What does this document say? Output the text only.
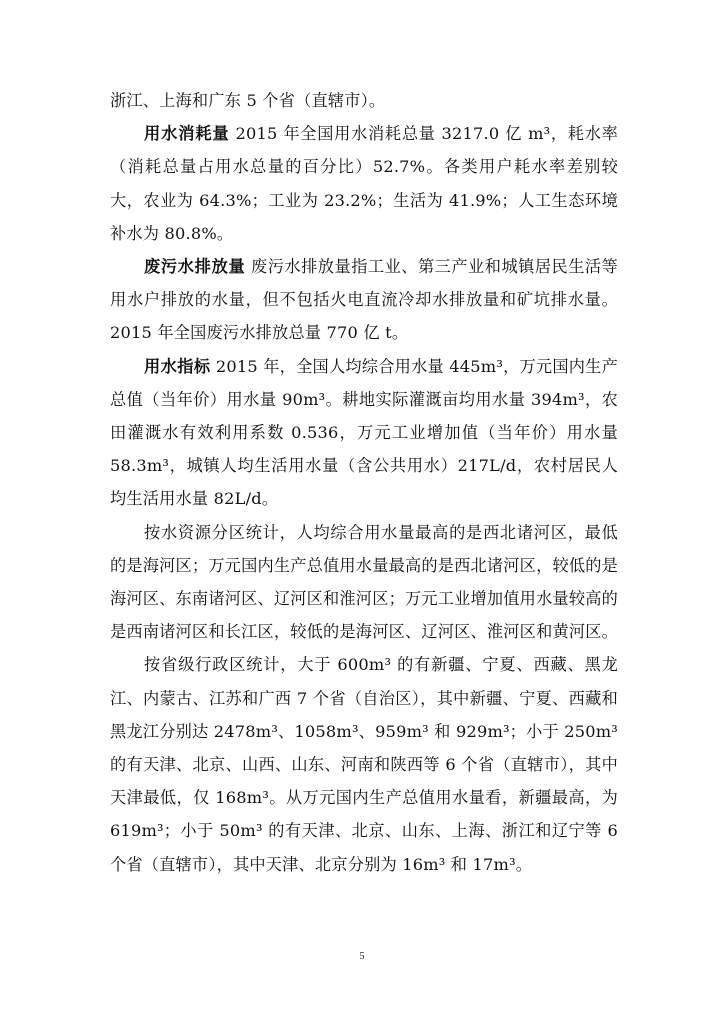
浙江、上海和广东 5 个省（直辖市）。

用水消耗量 2015 年全国用水消耗总量 3217.0 亿 m³，耗水率（消耗总量占用水总量的百分比）52.7%。各类用户耗水率差别较大，农业为 64.3%；工业为 23.2%；生活为 41.9%；人工生态环境补水为 80.8%。

废污水排放量 废污水排放量指工业、第三产业和城镇居民生活等用水户排放的水量，但不包括火电直流冷却水排放量和矿坑排水量。2015 年全国废污水排放总量 770 亿 t。

用水指标 2015 年，全国人均综合用水量 445m³，万元国内生产总值（当年价）用水量 90m³。耕地实际灌溉亩均用水量 394m³，农田灌溉水有效利用系数 0.536，万元工业增加值（当年价）用水量 58.3m³，城镇人均生活用水量（含公共用水）217L/d，农村居民人均生活用水量 82L/d。

按水资源分区统计，人均综合用水量最高的是西北诸河区，最低的是海河区；万元国内生产总值用水量最高的是西北诸河区，较低的是海河区、东南诸河区、辽河区和淮河区；万元工业增加值用水量较高的是西南诸河区和长江区，较低的是海河区、辽河区、淮河区和黄河区。

按省级行政区统计，大于 600m³ 的有新疆、宁夏、西藏、黑龙江、内蒙古、江苏和广西 7 个省（自治区），其中新疆、宁夏、西藏和黑龙江分别达 2478m³、1058m³、959m³ 和 929m³；小于 250m³ 的有天津、北京、山西、山东、河南和陕西等 6 个省（直辖市），其中天津最低，仅 168m³。从万元国内生产总值用水量看，新疆最高，为 619m³；小于 50m³ 的有天津、北京、山东、上海、浙江和辽宁等 6 个省（直辖市），其中天津、北京分别为 16m³ 和 17m³。

5
